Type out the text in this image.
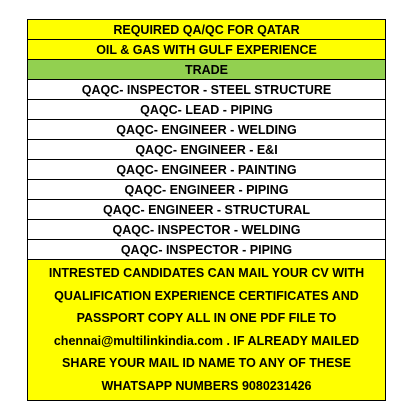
REQUIRED QA/QC FOR QATAR
OIL & GAS WITH GULF EXPERIENCE
TRADE
QAQC- INSPECTOR - STEEL STRUCTURE
QAQC- LEAD - PIPING
QAQC- ENGINEER - WELDING
QAQC- ENGINEER - E&I
QAQC- ENGINEER - PAINTING
QAQC- ENGINEER - PIPING
QAQC- ENGINEER - STRUCTURAL
QAQC- INSPECTOR - WELDING
QAQC- INSPECTOR - PIPING
INTRESTED CANDIDATES CAN MAIL YOUR CV WITH
QUALIFICATION EXPERIENCE CERTIFICATES AND
PASSPORT COPY ALL IN ONE PDF FILE TO
chennai@multilinkindia.com . IF ALREADY MAILED
SHARE YOUR MAIL ID NAME TO ANY OF THESE
WHATSAPP NUMBERS 9080231426
